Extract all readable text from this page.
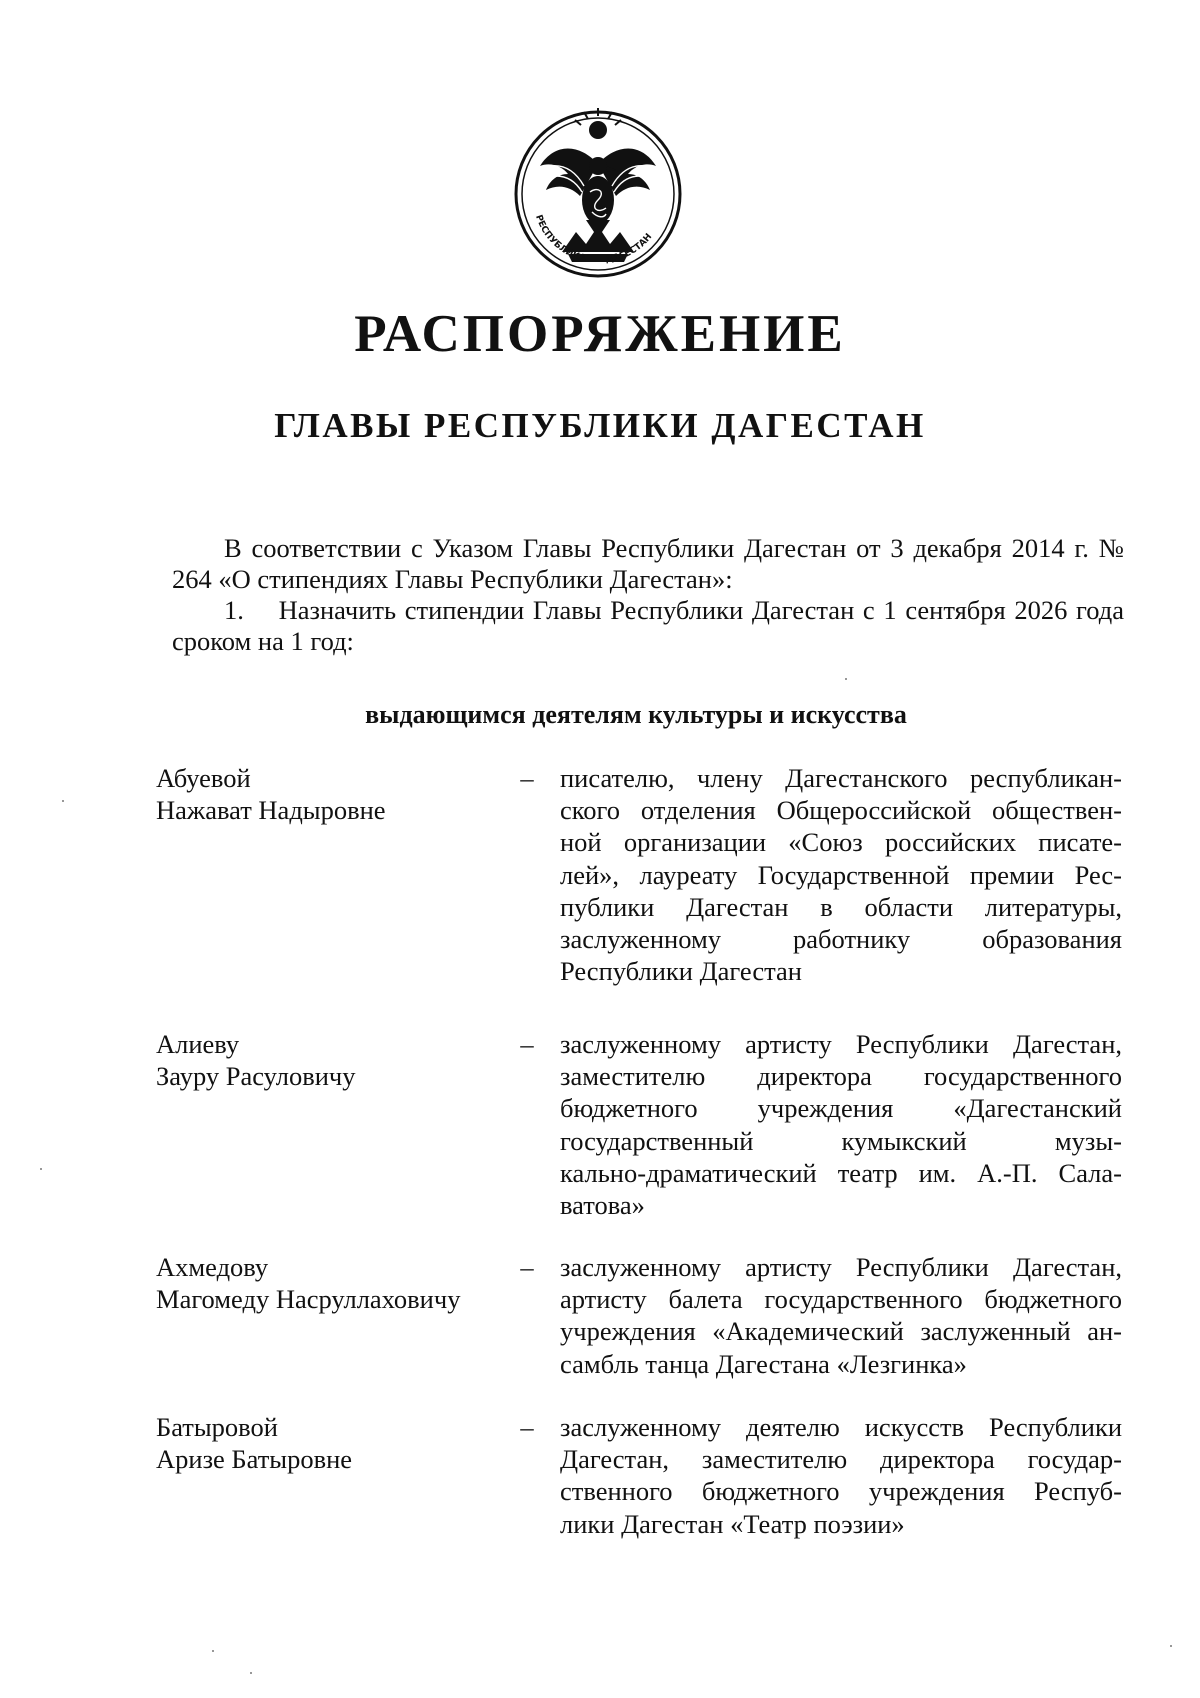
РЕСПУБЛИКА ДАГЕСТАН
РАСПОРЯЖЕНИЕ
ГЛАВЫ РЕСПУБЛИКИ ДАГЕСТАН

В соответствии с Указом Главы Республики Дагестан от 3 декабря 2014 г. № 264 «О стипендиях Главы Республики Дагестан»:

1. Назначить стипендии Главы Республики Дагестан с 1 сентября 2026 года сроком на 1 год:

выдающимся деятелям культуры и искусства
Абуевой
Нажават Надыровне
– писателю, члену Дагестанского республикан-
ского отделения Общероссийской обществен-
ной организации «Союз российских писате-
лей», лауреату Государственной премии Рес-
публики Дагестан в области литературы,
заслуженному работнику образования
Республики Дагестан
Алиеву
Зауру Расуловичу
– заслуженному артисту Республики Дагестан,
заместителю директора государственного
бюджетного учреждения «Дагестанский
государственный кумыкский музы-
кально-драматический театр им. А.-П. Сала-
ватова»
Ахмедову
Магомеду Насруллаховичу
– заслуженному артисту Республики Дагестан,
артисту балета государственного бюджетного
учреждения «Академический заслуженный ан-
самбль танца Дагестана «Лезгинка»
Батыровой
Аризе Батыровне
– заслуженному деятелю искусств Республики
Дагестан, заместителю директора государ-
ственного бюджетного учреждения Респуб-
лики Дагестан «Театр поэзии»
